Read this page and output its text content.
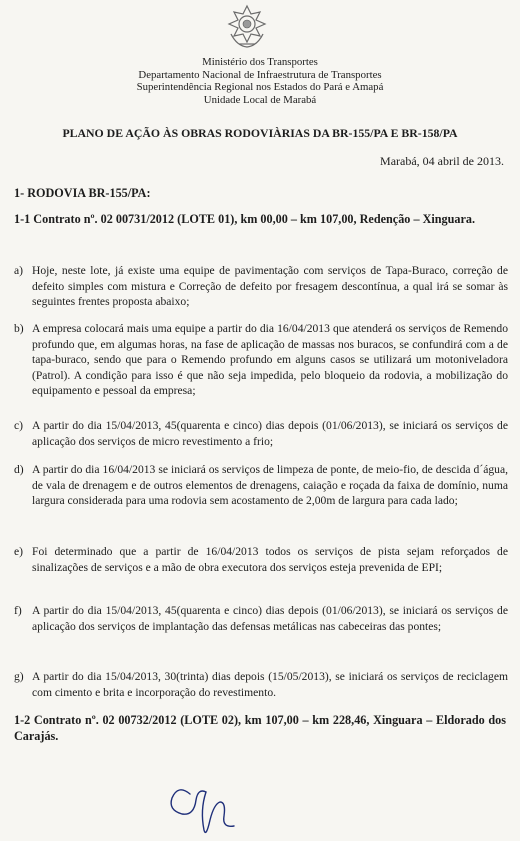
Ministério dos Transportes
Departamento Nacional de Infraestrutura de Transportes
Superintendência Regional nos Estados do Pará e Amapá
Unidade Local de Marabá
PLANO DE AÇÃO ÀS OBRAS RODOVIÀRIAS DA BR-155/PA E BR-158/PA
Marabá, 04 abril de 2013.
1- RODOVIA BR-155/PA:
1-1 Contrato nº. 02 00731/2012 (LOTE 01), km 00,00 – km 107,00, Redenção – Xinguara.
a) Hoje, neste lote, já existe uma equipe de pavimentação com serviços de Tapa-Buraco, correção de defeito simples com mistura e Correção de defeito por fresagem descontínua, a qual irá se somar às seguintes frentes proposta abaixo;
b) A empresa colocará mais uma equipe a partir do dia 16/04/2013 que atenderá os serviços de Remendo profundo que, em algumas horas, na fase de aplicação de massas nos buracos, se confundirá com a de tapa-buraco, sendo que para o Remendo profundo em alguns casos se utilizará um motoniveladora (Patrol). A condição para isso é que não seja impedida, pelo bloqueio da rodovia, a mobilização do equipamento e pessoal da empresa;
c) A partir do dia 15/04/2013, 45(quarenta e cinco) dias depois (01/06/2013), se iniciará os serviços de aplicação dos serviços de micro revestimento a frio;
d) A partir do dia 16/04/2013 se iniciará os serviços de limpeza de ponte, de meio-fio, de descida d´água, de vala de drenagem e de outros elementos de drenagens, caiação e roçada da faixa de domínio, numa largura considerada para uma rodovia sem acostamento de 2,00m de largura para cada lado;
e) Foi determinado que a partir de 16/04/2013 todos os serviços de pista sejam reforçados de sinalizações de serviços e a mão de obra executora dos serviços esteja prevenida de EPI;
f) A partir do dia 15/04/2013, 45(quarenta e cinco) dias depois (01/06/2013), se iniciará os serviços de aplicação dos serviços de implantação das defensas metálicas nas cabeceiras das pontes;
g) A partir do dia 15/04/2013, 30(trinta) dias depois (15/05/2013), se iniciará os serviços de reciclagem com cimento e brita e incorporação do revestimento.
1-2 Contrato nº. 02 00732/2012 (LOTE 02), km 107,00 – km 228,46, Xinguara – Eldorado dos Carajás.
